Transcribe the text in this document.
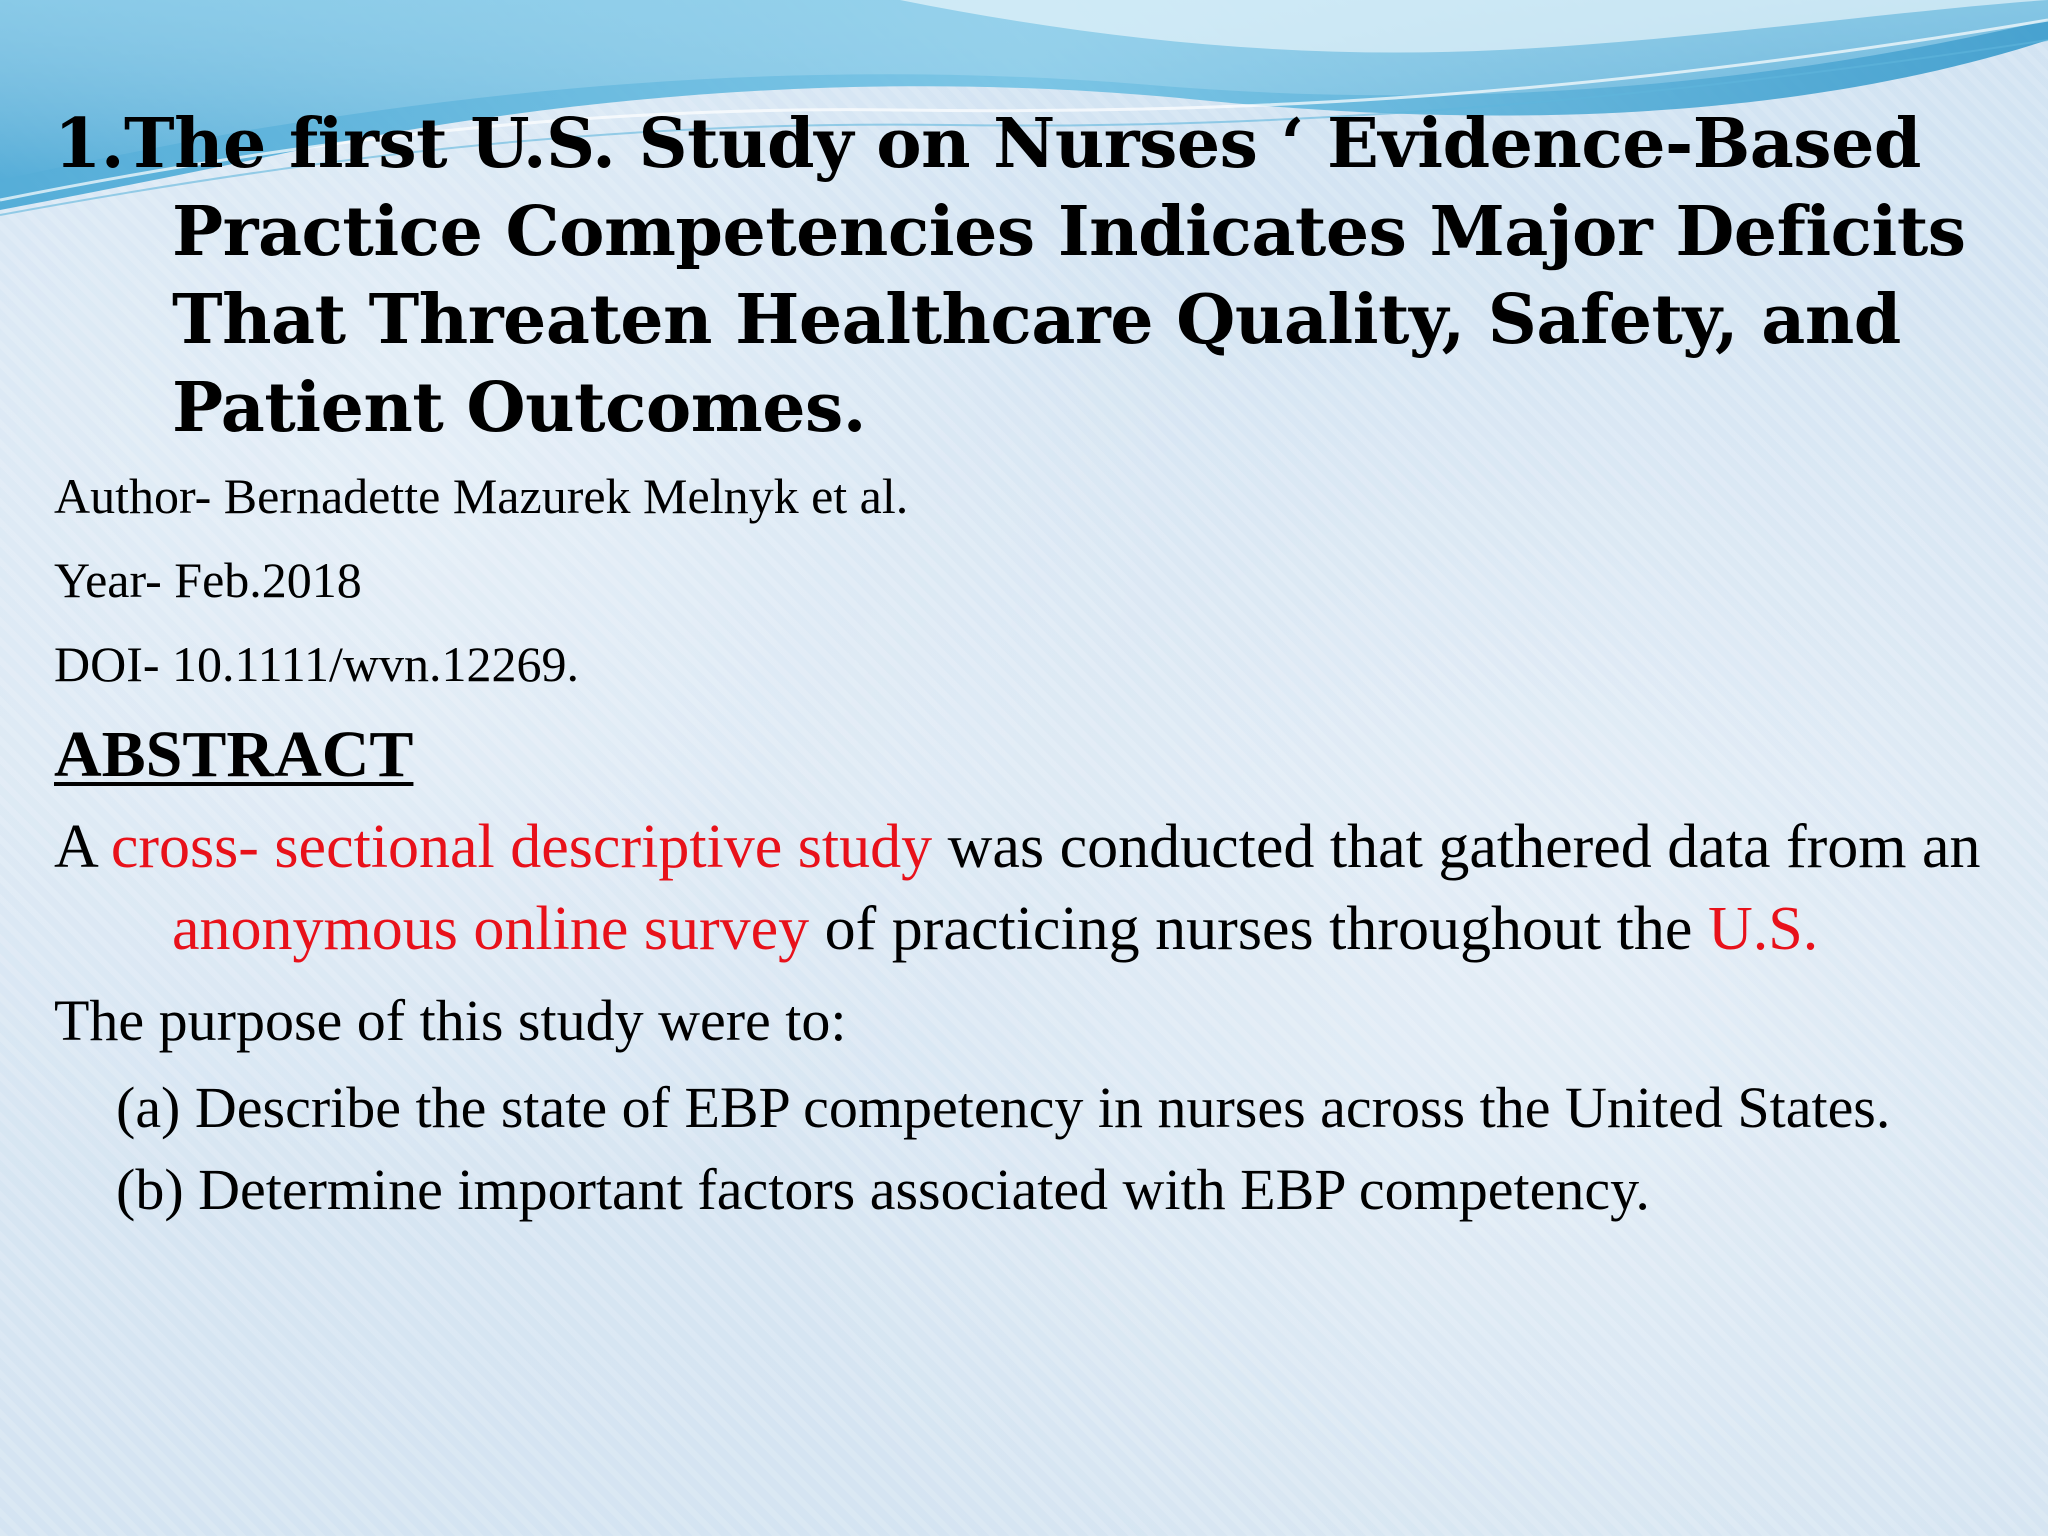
1.The first U.S. Study on Nurses ‘ Evidence-Based Practice Competencies Indicates Major Deficits That Threaten Healthcare Quality, Safety, and Patient Outcomes.

Author- Bernadette Mazurek Melnyk et al.

Year- Feb.2018

DOI- 10.1111/wvn.12269.

ABSTRACT

A cross- sectional descriptive study was conducted that gathered data from an anonymous online survey of practicing nurses throughout the U.S.

The purpose of this study were to:

(a) Describe the state of EBP competency in nurses across the United States.

(b) Determine important factors associated with EBP competency.
